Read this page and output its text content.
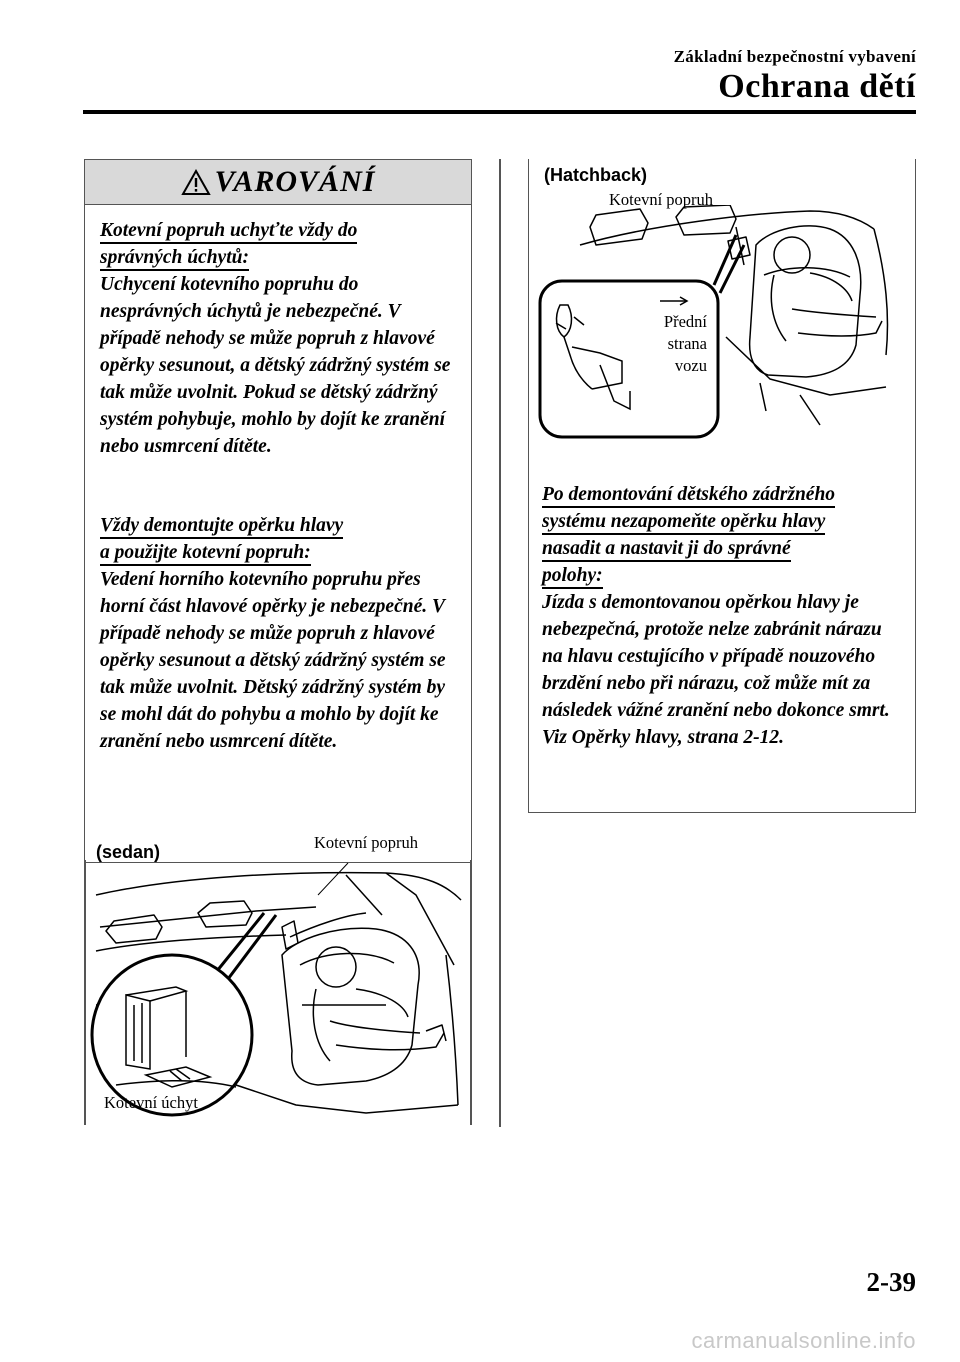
Základní bezpečnostní vybavení
Ochrana dětí
VAROVÁNÍ
Kotevní popruh uchyťte vždy do
správných úchytů:
Uchycení kotevního popruhu do nesprávných úchytů je nebezpečné. V případě nehody se může popruh z hlavové opěrky sesunout, a dětský zádržný systém se tak může uvolnit. Pokud se dětský zádržný systém pohybuje, mohlo by dojít ke zranění nebo usmrcení dítěte.
Vždy demontujte opěrku hlavy
a použijte kotevní popruh:
Vedení horního kotevního popruhu přes horní část hlavové opěrky je nebezpečné. V případě nehody se může popruh z hlavové opěrky sesunout a dětský zádržný systém se tak může uvolnit. Dětský zádržný systém by se mohl dát do pohybu a mohlo by dojít ke zranění nebo usmrcení dítěte.
(sedan)	Kotevní popruh
Kotevní úchyt
(Hatchback)
Kotevní popruh
Přední
strana
vozu
Po demontování dětského zádržného
systému nezapomeňte opěrku hlavy
nasadit a nastavit ji do správné
polohy:
Jízda s demontovanou opěrkou hlavy je nebezpečná, protože nelze zabránit nárazu na hlavu cestujícího v případě nouzového brzdění nebo při nárazu, což může mít za následek vážné zranění nebo dokonce smrt.
Viz Opěrky hlavy, strana 2-12.
2-39
carmanualsonline.info
